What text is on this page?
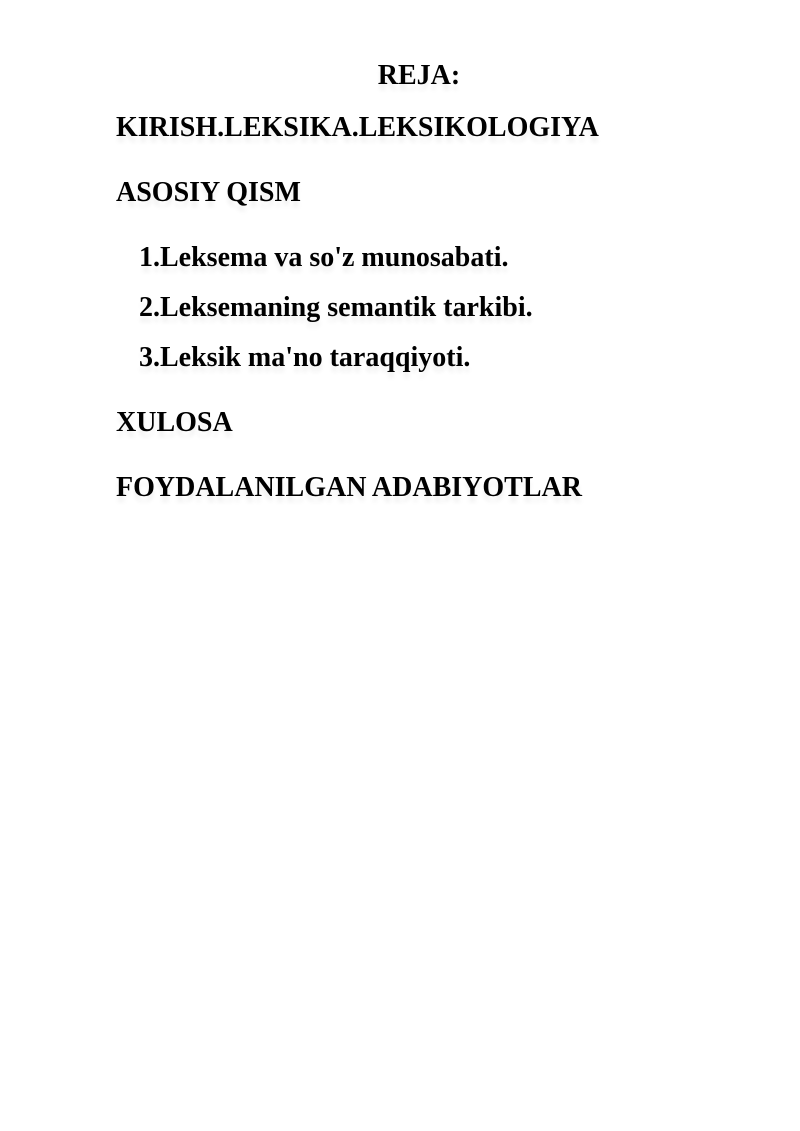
REJA:
KIRISH.LEKSIKA.LEKSIKOLOGIYA
ASOSIY QISM
1.Leksema va so'z munosabati.
2.Leksemaning semantik tarkibi.
3.Leksik ma'no taraqqiyoti.
XULOSA
FOYDALANILGAN ADABIYOTLAR
